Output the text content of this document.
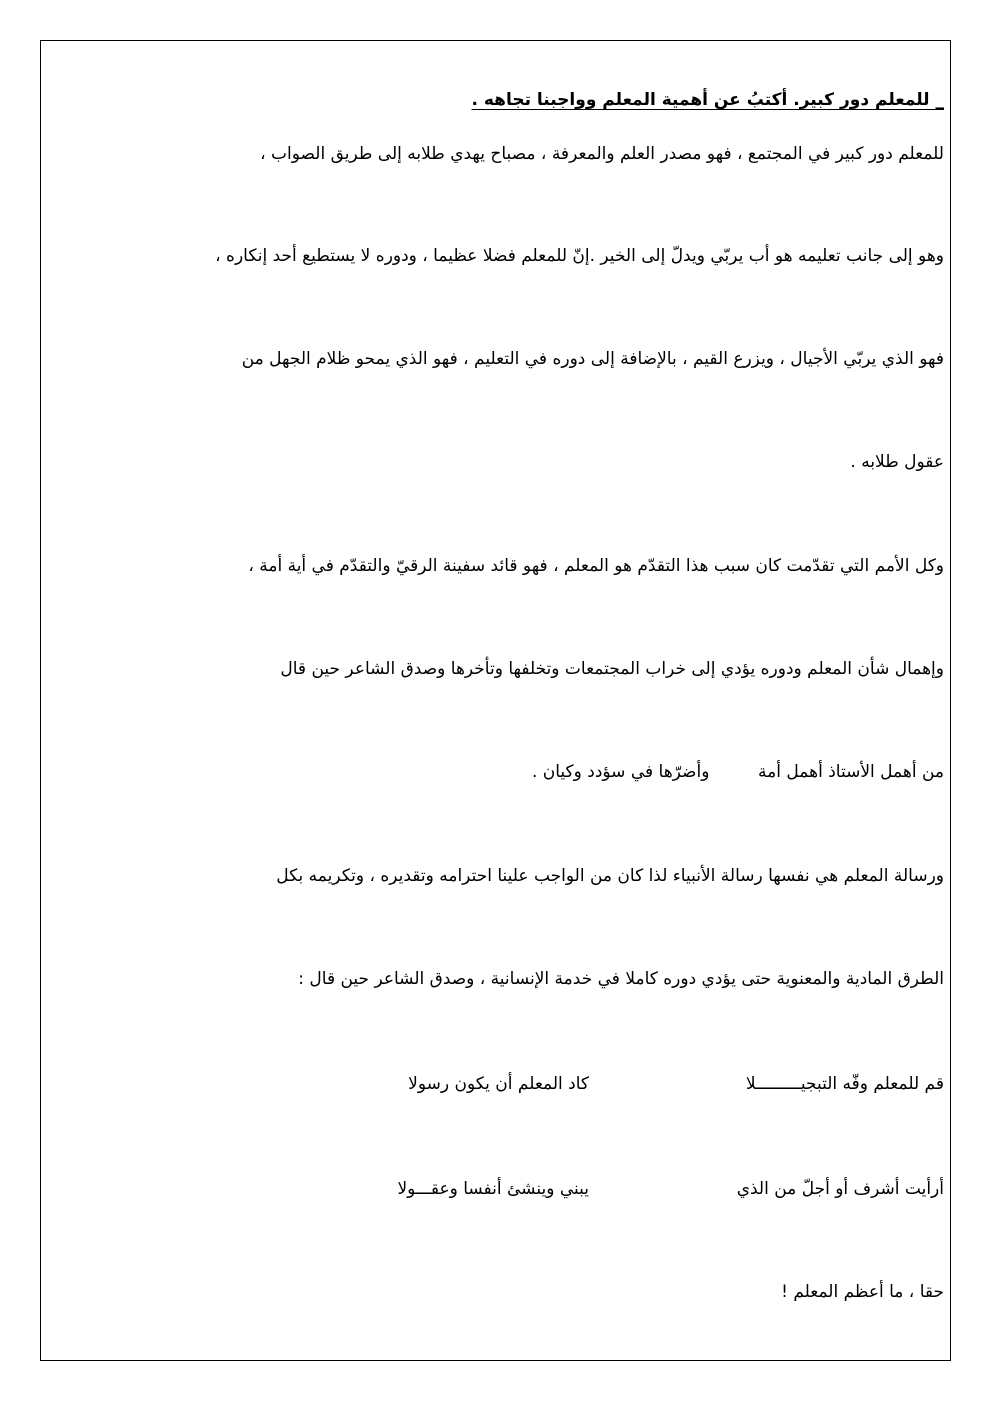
_ للمعلم دور كبير. أكتبُ عن أهمية المعلم وواجبنا تجاهه .
للمعلم دور كبير في المجتمع ، فهو مصدر العلم والمعرفة ، مصباح يهدي طلابه إلى طريق الصواب ،
وهو إلى جانب تعليمه هو أب يربّي ويدلّ إلى الخير .إنّ للمعلم فضلا عظيما ، ودوره لا يستطيع أحد إنكاره ،
فهو الذي يربّي الأجيال ، ويزرع القيم ، بالإضافة إلى دوره في التعليم ، فهو الذي يمحو ظلام الجهل من
عقول طلابه .
وكل الأمم التي تقدّمت كان سبب هذا التقدّم هو المعلم ، فهو قائد سفينة الرقيّ والتقدّم في أية أمة ،
وإهمال شأن المعلم ودوره يؤدي إلى خراب المجتمعات وتخلفها وتأخرها وصدق الشاعر حين قال
من أهمل الأستاذ أهمل أمة         وأضرّها في سؤدد وكيان .
ورسالة المعلم هي نفسها رسالة الأنبياء لذا كان من الواجب علينا احترامه وتقديره ، وتكريمه بكل
الطرق المادية والمعنوية حتى يؤدي دوره كاملا في خدمة الإنسانية ، وصدق الشاعر حين قال :
قم للمعلم وفّه التبجيـــــــــلا
كاد المعلم أن يكون رسولا
أرأيت أشرف أو أجلّ من الذي
يبني وينشئ أنفسا وعقـــولا
حقا ، ما أعظم المعلم !
